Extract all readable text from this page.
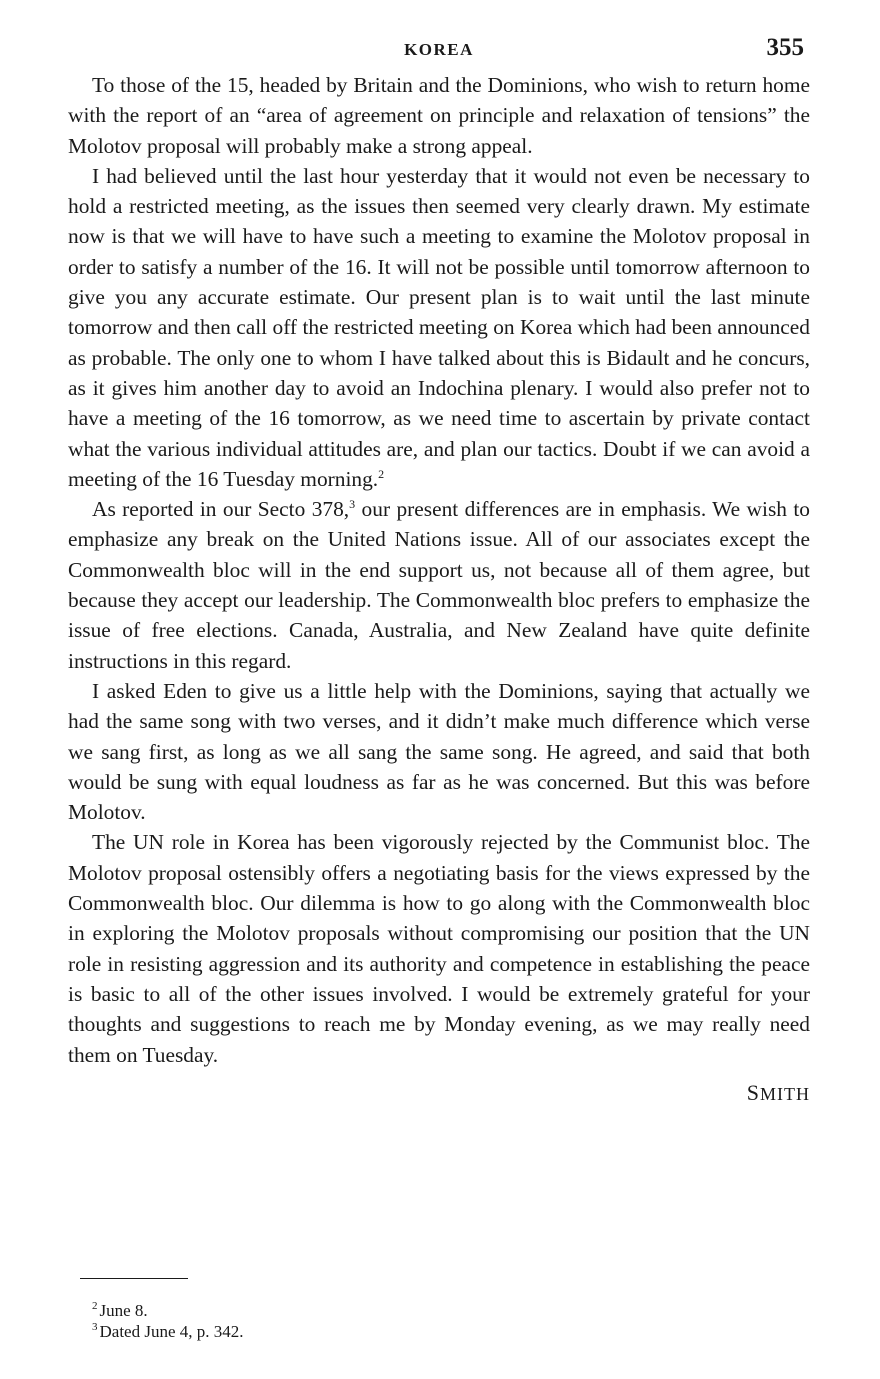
KOREA	355

To those of the 15, headed by Britain and the Dominions, who wish to return home with the report of an “area of agreement on principle and relaxation of tensions” the Molotov proposal will probably make a strong appeal.

I had believed until the last hour yesterday that it would not even be necessary to hold a restricted meeting, as the issues then seemed very clearly drawn. My estimate now is that we will have to have such a meeting to examine the Molotov proposal in order to satisfy a number of the 16. It will not be possible until tomorrow afternoon to give you any accurate estimate. Our present plan is to wait until the last minute tomorrow and then call off the restricted meeting on Korea which had been announced as probable. The only one to whom I have talked about this is Bidault and he concurs, as it gives him another day to avoid an Indochina plenary. I would also prefer not to have a meeting of the 16 tomorrow, as we need time to ascertain by private contact what the various individual attitudes are, and plan our tactics. Doubt if we can avoid a meeting of the 16 Tuesday morning.$^2$

As reported in our Secto 378,$^3$ our present differences are in emphasis. We wish to emphasize any break on the United Nations issue. All of our associates except the Commonwealth bloc will in the end support us, not because all of them agree, but because they accept our leadership. The Commonwealth bloc prefers to emphasize the issue of free elections. Canada, Australia, and New Zealand have quite definite instructions in this regard.

I asked Eden to give us a little help with the Dominions, saying that actually we had the same song with two verses, and it didn’t make much difference which verse we sang first, as long as we all sang the same song. He agreed, and said that both would be sung with equal loudness as far as he was concerned. But this was before Molotov.

The UN role in Korea has been vigorously rejected by the Communist bloc. The Molotov proposal ostensibly offers a negotiating basis for the views expressed by the Commonwealth bloc. Our dilemma is how to go along with the Commonwealth bloc in exploring the Molotov proposals without compromising our position that the UN role in resisting aggression and its authority and competence in establishing the peace is basic to all of the other issues involved. I would be extremely grateful for your thoughts and suggestions to reach me by Monday evening, as we may really need them on Tuesday.

SMITH
$^2$ June 8.
$^3$ Dated June 4, p. 342.
